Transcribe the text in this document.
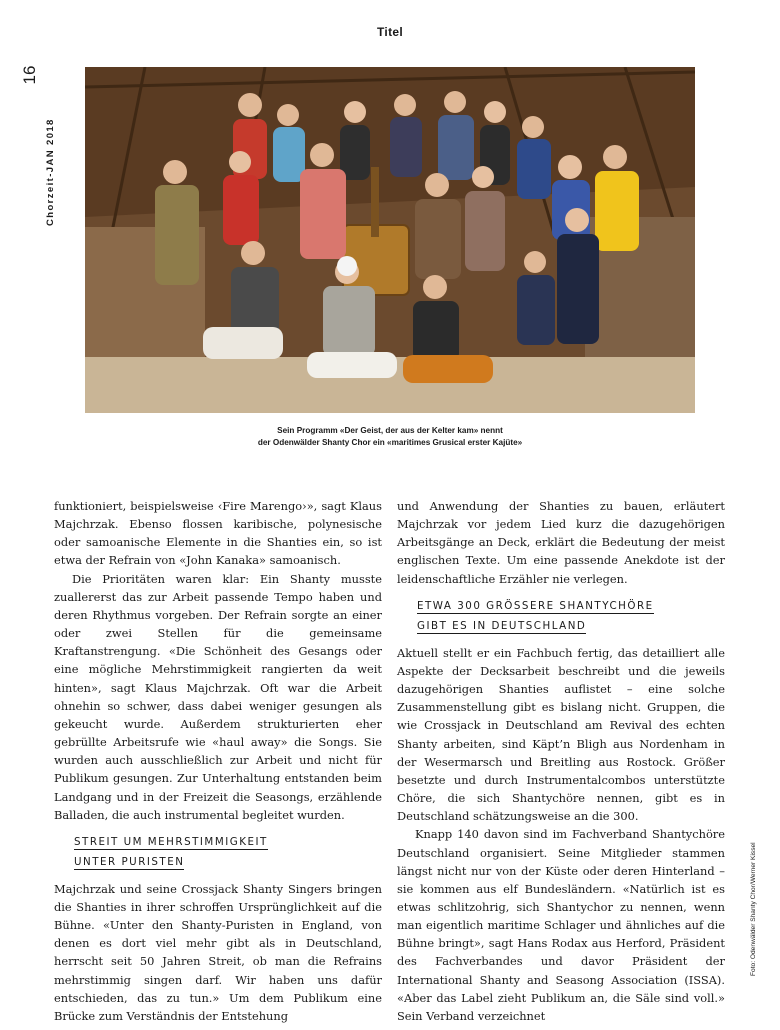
Titel
16
Chorzeit-JAN 2018
Sein Programm «Der Geist, der aus der Kelter kam» nennt
der Odenwälder Shanty Chor ein «maritimes Grusical erster Kajüte»

funktioniert, beispielsweise ‹Fire Marengo›», sagt Klaus Majchrzak. Ebenso flossen karibische, polynesische oder samoanische Elemente in die Shanties ein, so ist etwa der Refrain von «John Kanaka» samoanisch.

Die Prioritäten waren klar: Ein Shanty musste zuallererst das zur Arbeit passende Tempo haben und deren Rhythmus vorgeben. Der Refrain sorgte an einer oder zwei Stellen für die gemeinsame Kraftanstrengung. «Die Schönheit des Gesangs oder eine mögliche Mehrstimmigkeit rangierten da weit hinten», sagt Klaus Majchrzak. Oft war die Arbeit ohnehin so schwer, dass dabei weniger gesungen als gekeucht wurde. Außerdem strukturierten eher gebrüllte Arbeitsrufe wie «haul away» die Songs. Sie wurden auch ausschließlich zur Arbeit und nicht für Publikum gesungen. Zur Unterhaltung entstanden beim Landgang und in der Freizeit die Seasongs, erzählende Balladen, die auch instrumental begleitet wurden.

STREIT UM MEHRSTIMMIGKEIT
UNTER PURISTEN

Majchrzak und seine Crossjack Shanty Singers bringen die Shanties in ihrer schroffen Ursprünglichkeit auf die Bühne. «Unter den Shanty-Puristen in England, von denen es dort viel mehr gibt als in Deutschland, herrscht seit 50 Jahren Streit, ob man die Refrains mehrstimmig singen darf. Wir haben uns dafür entschieden, das zu tun.» Um dem Publikum eine Brücke zum Verständnis der Entstehung

und Anwendung der Shanties zu bauen, erläutert Majchrzak vor jedem Lied kurz die dazugehörigen Arbeitsgänge an Deck, erklärt die Bedeutung der meist englischen Texte. Um eine passende Anekdote ist der leidenschaftliche Erzähler nie verlegen.

ETWA 300 GRÖSSERE SHANTYCHÖRE
GIBT ES IN DEUTSCHLAND

Aktuell stellt er ein Fachbuch fertig, das detailliert alle Aspekte der Decksarbeit beschreibt und die jeweils dazugehörigen Shanties auflistet – eine solche Zusammenstellung gibt es bislang nicht. Gruppen, die wie Crossjack in Deutschland am Revival des echten Shanty arbeiten, sind Käpt’n Bligh aus Nordenham in der Wesermarsch und Breitling aus Rostock. Größer besetzte und durch Instrumentalcombos unterstützte Chöre, die sich Shantychöre nennen, gibt es in Deutschland schätzungsweise an die 300.

Knapp 140 davon sind im Fachverband Shantychöre Deutschland organisiert. Seine Mitglieder stammen längst nicht nur von der Küste oder deren Hinterland – sie kommen aus elf Bundesländern. «Natürlich ist es etwas schlitzohrig, sich Shantychor zu nennen, wenn man eigentlich maritime Schlager und ähnliches auf die Bühne bringt», sagt Hans Rodax aus Herford, Präsident des Fachverbandes und davor Präsident der International Shanty and Seasong Association (ISSA). «Aber das Label zieht Publikum an, die Säle sind voll.» Sein Verband verzeichnet

Foto: Odenwälder Shanty Chor/Werner Kissel
